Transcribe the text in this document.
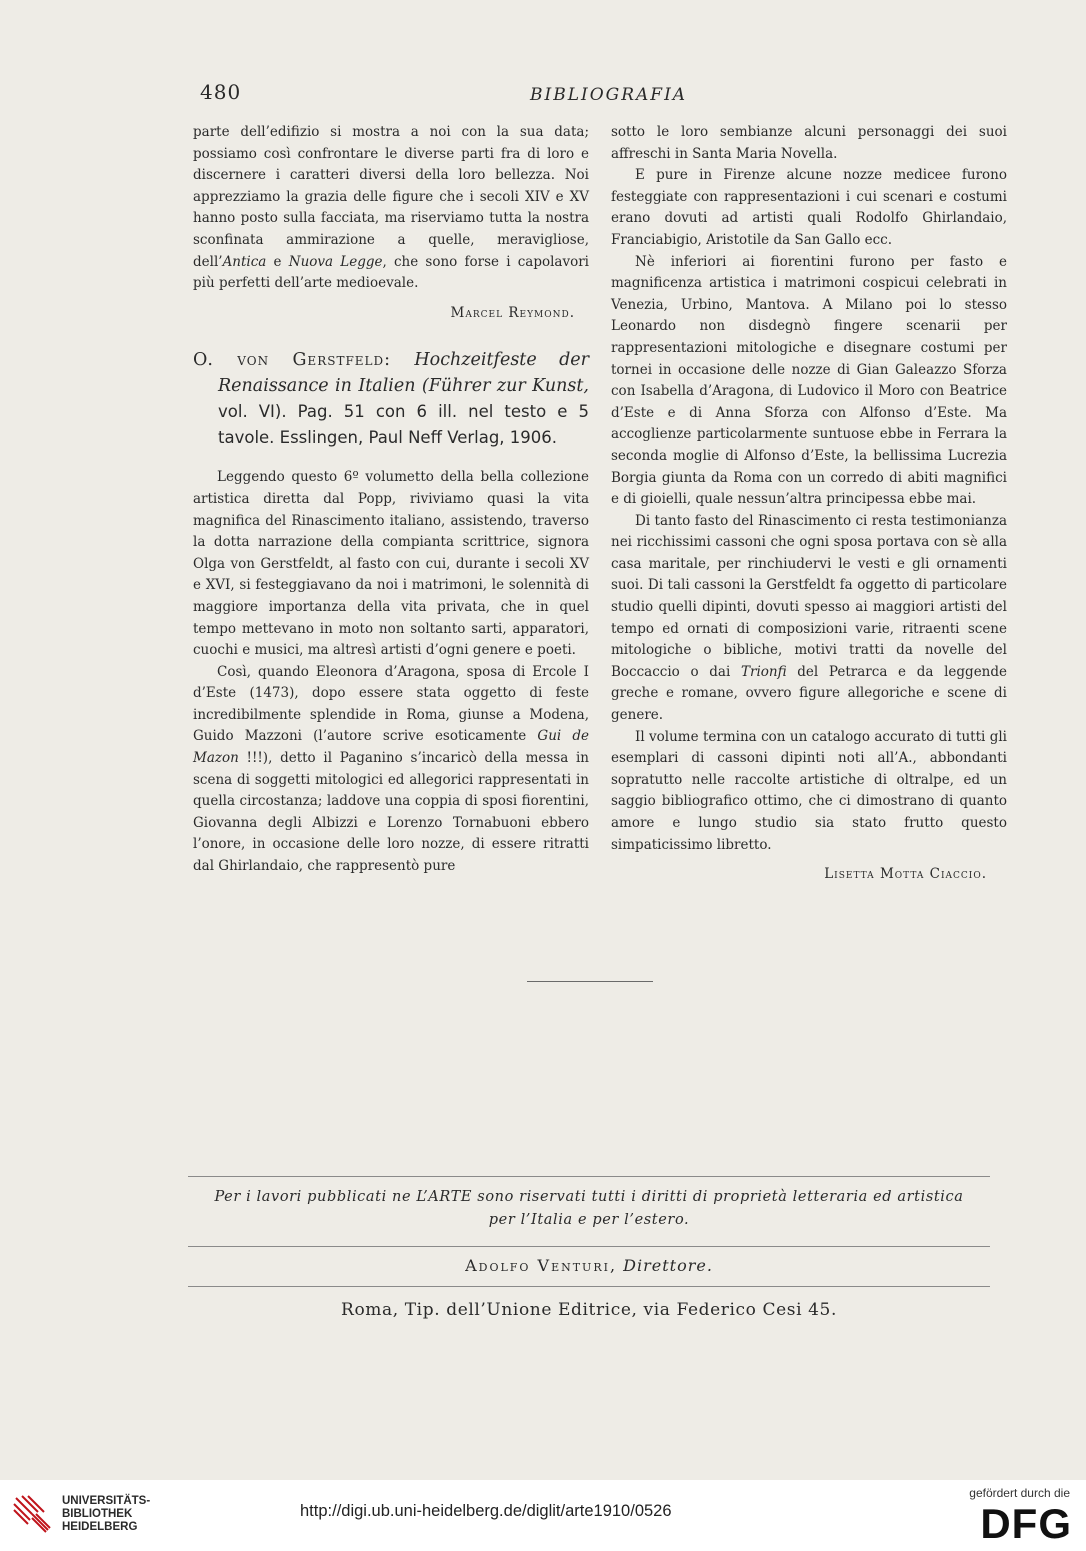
480	BIBLIOGRAFIA

parte dell’edifizio si mostra a noi con la sua data; possiamo così confrontare le diverse parti fra di loro e discernere i caratteri diversi della loro bellezza. Noi apprezziamo la grazia delle figure che i secoli XIV e XV hanno posto sulla facciata, ma riserviamo tutta la nostra sconfinata ammirazione a quelle, meravigliose, dell’Antica e Nuova Legge, che sono forse i capolavori più perfetti dell’arte medioevale.

Marcel Reymond.

O. von Gerstfeld: Hochzeitfeste der Renaissance in Italien (Führer zur Kunst, vol. VI). Pag. 51 con 6 ill. nel testo e 5 tavole. Esslingen, Paul Neff Verlag, 1906.

Leggendo questo 6º volumetto della bella collezione artistica diretta dal Popp, riviviamo quasi la vita magnifica del Rinascimento italiano, assistendo, traverso la dotta narrazione della compianta scrittrice, signora Olga von Gerstfeldt, al fasto con cui, durante i secoli XV e XVI, si festeggiavano da noi i matrimoni, le solennità di maggiore importanza della vita privata, che in quel tempo mettevano in moto non soltanto sarti, apparatori, cuochi e musici, ma altresì artisti d’ogni genere e poeti.

Così, quando Eleonora d’Aragona, sposa di Ercole I d’Este (1473), dopo essere stata oggetto di feste incredibilmente splendide in Roma, giunse a Modena, Guido Mazzoni (l’autore scrive esoticamente Gui de Mazon !!!), detto il Paganino s’incaricò della messa in scena di soggetti mitologici ed allegorici rappresentati in quella circostanza; laddove una coppia di sposi fiorentini, Giovanna degli Albizzi e Lorenzo Tornabuoni ebbero l’onore, in occasione delle loro nozze, di essere ritratti dal Ghirlandaio, che rappresentò pure

sotto le loro sembianze alcuni personaggi dei suoi affreschi in Santa Maria Novella.

E pure in Firenze alcune nozze medicee furono festeggiate con rappresentazioni i cui scenari e costumi erano dovuti ad artisti quali Rodolfo Ghirlandaio, Franciabigio, Aristotile da San Gallo ecc.

Nè inferiori ai fiorentini furono per fasto e magnificenza artistica i matrimoni cospicui celebrati in Venezia, Urbino, Mantova. A Milano poi lo stesso Leonardo non disdegnò fingere scenarii per rappresentazioni mitologiche e disegnare costumi per tornei in occasione delle nozze di Gian Galeazzo Sforza con Isabella d’Aragona, di Ludovico il Moro con Beatrice d’Este e di Anna Sforza con Alfonso d’Este. Ma accoglienze particolarmente suntuose ebbe in Ferrara la seconda moglie di Alfonso d’Este, la bellissima Lucrezia Borgia giunta da Roma con un corredo di abiti magnifici e di gioielli, quale nessun’altra principessa ebbe mai.

Di tanto fasto del Rinascimento ci resta testimonianza nei ricchissimi cassoni che ogni sposa portava con sè alla casa maritale, per rinchiudervi le vesti e gli ornamenti suoi. Di tali cassoni la Gerstfeldt fa oggetto di particolare studio quelli dipinti, dovuti spesso ai maggiori artisti del tempo ed ornati di composizioni varie, ritraenti scene mitologiche o bibliche, motivi tratti da novelle del Boccaccio o dai Trionfi del Petrarca e da leggende greche e romane, ovvero figure allegoriche e scene di genere.

Il volume termina con un catalogo accurato di tutti gli esemplari di cassoni dipinti noti all’A., abbondanti sopratutto nelle raccolte artistiche di oltralpe, ed un saggio bibliografico ottimo, che ci dimostrano di quanto amore e lungo studio sia stato frutto questo simpaticissimo libretto.

Lisetta Motta Ciaccio.

Per i lavori pubblicati ne L’ARTE sono riservati tutti i diritti di proprietà letteraria ed artistica
per l’Italia e per l’estero.
Adolfo Venturi, Direttore.
Roma, Tip. dell’Unione Editrice, via Federico Cesi 45.
UNIVERSITÄTS-
BIBLIOTHEK
HEIDELBERG
http://digi.ub.uni-heidelberg.de/diglit/arte1910/0526
gefördert durch die
DFG
